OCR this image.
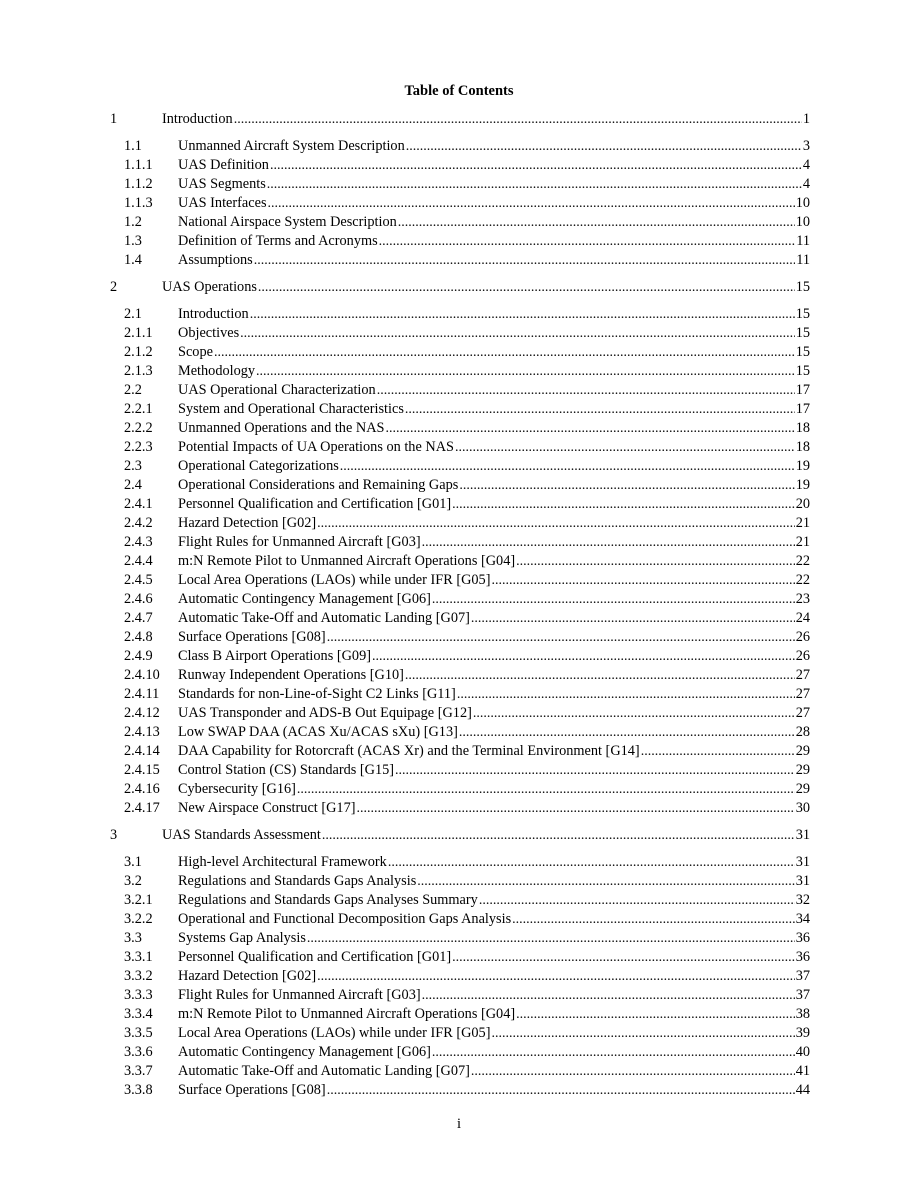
Table of Contents
1	Introduction .....	1
1.1	Unmanned Aircraft System Description .....	3
1.1.1	UAS Definition .....	4
1.1.2	UAS Segments .....	4
1.1.3	UAS Interfaces .....	10
1.2	National Airspace System Description .....	10
1.3	Definition of Terms and Acronyms .....	11
1.4	Assumptions .....	11
2	UAS Operations .....	15
2.1	Introduction .....	15
2.1.1	Objectives .....	15
2.1.2	Scope .....	15
2.1.3	Methodology .....	15
2.2	UAS Operational Characterization .....	17
2.2.1	System and Operational Characteristics .....	17
2.2.2	Unmanned Operations and the NAS .....	18
2.2.3	Potential Impacts of UA Operations on the NAS .....	18
2.3	Operational Categorizations .....	19
2.4	Operational Considerations and Remaining Gaps .....	19
2.4.1	Personnel Qualification and Certification [G01] .....	20
2.4.2	Hazard Detection [G02] .....	21
2.4.3	Flight Rules for Unmanned Aircraft [G03] .....	21
2.4.4	m:N Remote Pilot to Unmanned Aircraft Operations [G04] .....	22
2.4.5	Local Area Operations (LAOs) while under IFR [G05] .....	22
2.4.6	Automatic Contingency Management [G06] .....	23
2.4.7	Automatic Take-Off and Automatic Landing [G07] .....	24
2.4.8	Surface Operations [G08] .....	26
2.4.9	Class B Airport Operations [G09] .....	26
2.4.10	Runway Independent Operations [G10] .....	27
2.4.11	Standards for non-Line-of-Sight C2 Links [G11] .....	27
2.4.12	UAS Transponder and ADS-B Out Equipage [G12] .....	27
2.4.13	Low SWAP DAA (ACAS Xu/ACAS sXu) [G13] .....	28
2.4.14	DAA Capability for Rotorcraft (ACAS Xr) and the Terminal Environment [G14] .....	29
2.4.15	Control Station (CS) Standards [G15] .....	29
2.4.16	Cybersecurity [G16] .....	29
2.4.17	New Airspace Construct [G17] .....	30
3	UAS Standards Assessment .....	31
3.1	High-level Architectural Framework .....	31
3.2	Regulations and Standards Gaps Analysis .....	31
3.2.1	Regulations and Standards Gaps Analyses Summary .....	32
3.2.2	Operational and Functional Decomposition Gaps Analysis .....	34
3.3	Systems Gap Analysis .....	36
3.3.1	Personnel Qualification and Certification [G01] .....	36
3.3.2	Hazard Detection [G02] .....	37
3.3.3	Flight Rules for Unmanned Aircraft [G03] .....	37
3.3.4	m:N Remote Pilot to Unmanned Aircraft Operations [G04] .....	38
3.3.5	Local Area Operations (LAOs) while under IFR [G05] .....	39
3.3.6	Automatic Contingency Management [G06] .....	40
3.3.7	Automatic Take-Off and Automatic Landing [G07] .....	41
3.3.8	Surface Operations [G08] .....	44
i
